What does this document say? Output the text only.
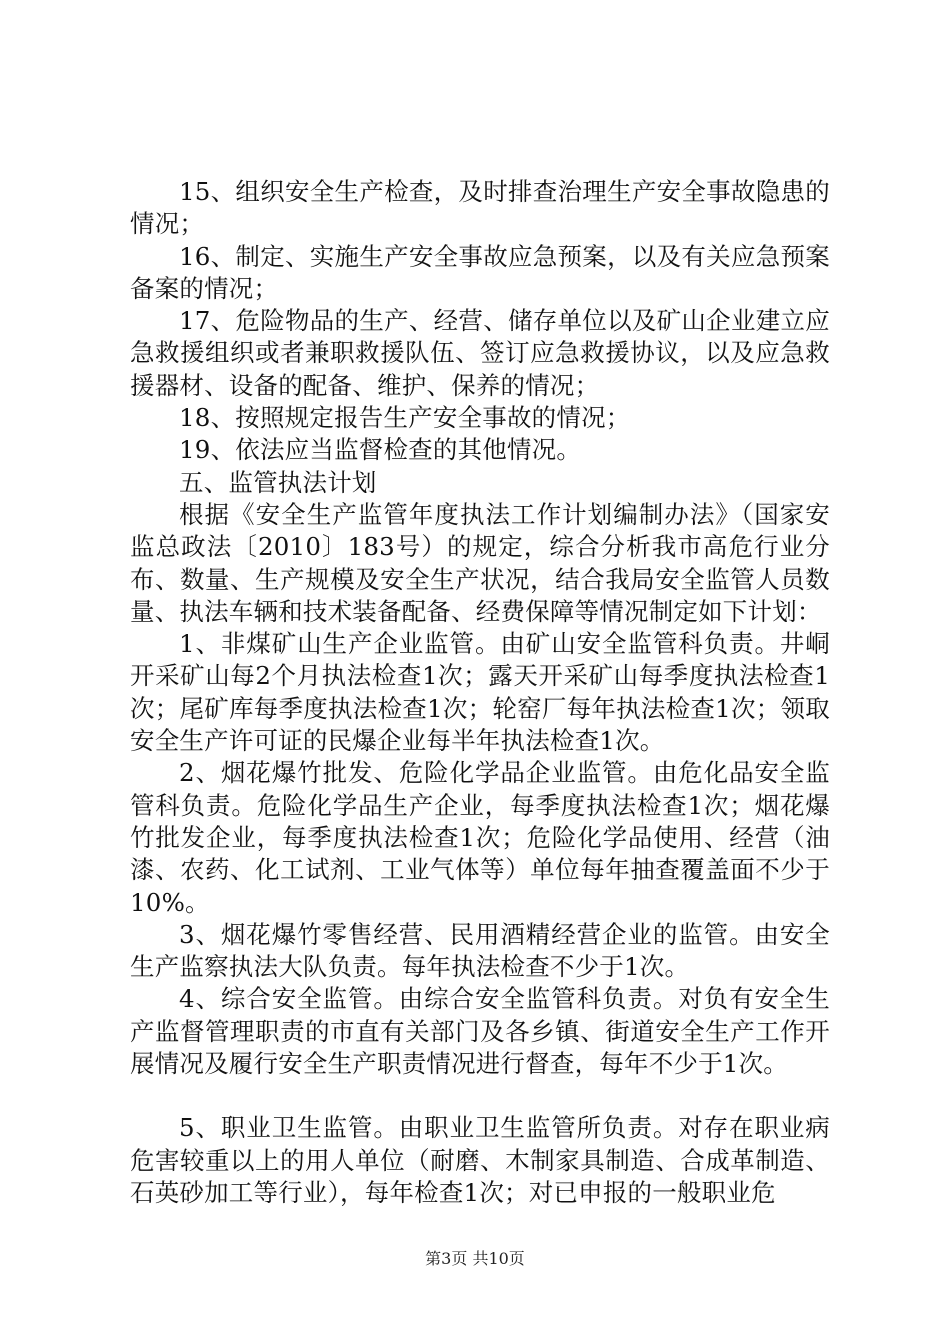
15、组织安全生产检查，及时排查治理生产安全事故隐患的情况；

16、制定、实施生产安全事故应急预案，以及有关应急预案备案的情况；

17、危险物品的生产、经营、储存单位以及矿山企业建立应急救援组织或者兼职救援队伍、签订应急救援协议，以及应急救援器材、设备的配备、维护、保养的情况；

18、按照规定报告生产安全事故的情况；

19、依法应当监督检查的其他情况。

五、监管执法计划

根据《安全生产监管年度执法工作计划编制办法》（国家安监总政法〔2010〕183号）的规定，综合分析我市高危行业分布、数量、生产规模及安全生产状况，结合我局安全监管人员数量、执法车辆和技术装备配备、经费保障等情况制定如下计划：

1、非煤矿山生产企业监管。由矿山安全监管科负责。井峒开采矿山每2个月执法检查1次；露天开采矿山每季度执法检查1次；尾矿库每季度执法检查1次；轮窑厂每年执法检查1次；领取安全生产许可证的民爆企业每半年执法检查1次。

2、烟花爆竹批发、危险化学品企业监管。由危化品安全监管科负责。危险化学品生产企业，每季度执法检查1次；烟花爆竹批发企业，每季度执法检查1次；危险化学品使用、经营（油漆、农药、化工试剂、工业气体等）单位每年抽查覆盖面不少于10%。

3、烟花爆竹零售经营、民用酒精经营企业的监管。由安全生产监察执法大队负责。每年执法检查不少于1次。

4、综合安全监管。由综合安全监管科负责。对负有安全生产监督管理职责的市直有关部门及各乡镇、街道安全生产工作开展情况及履行安全生产职责情况进行督查，每年不少于1次。

5、职业卫生监管。由职业卫生监管所负责。对存在职业病危害较重以上的用人单位（耐磨、木制家具制造、合成革制造、石英砂加工等行业），每年检查1次；对已申报的一般职业危

第3页 共10页
